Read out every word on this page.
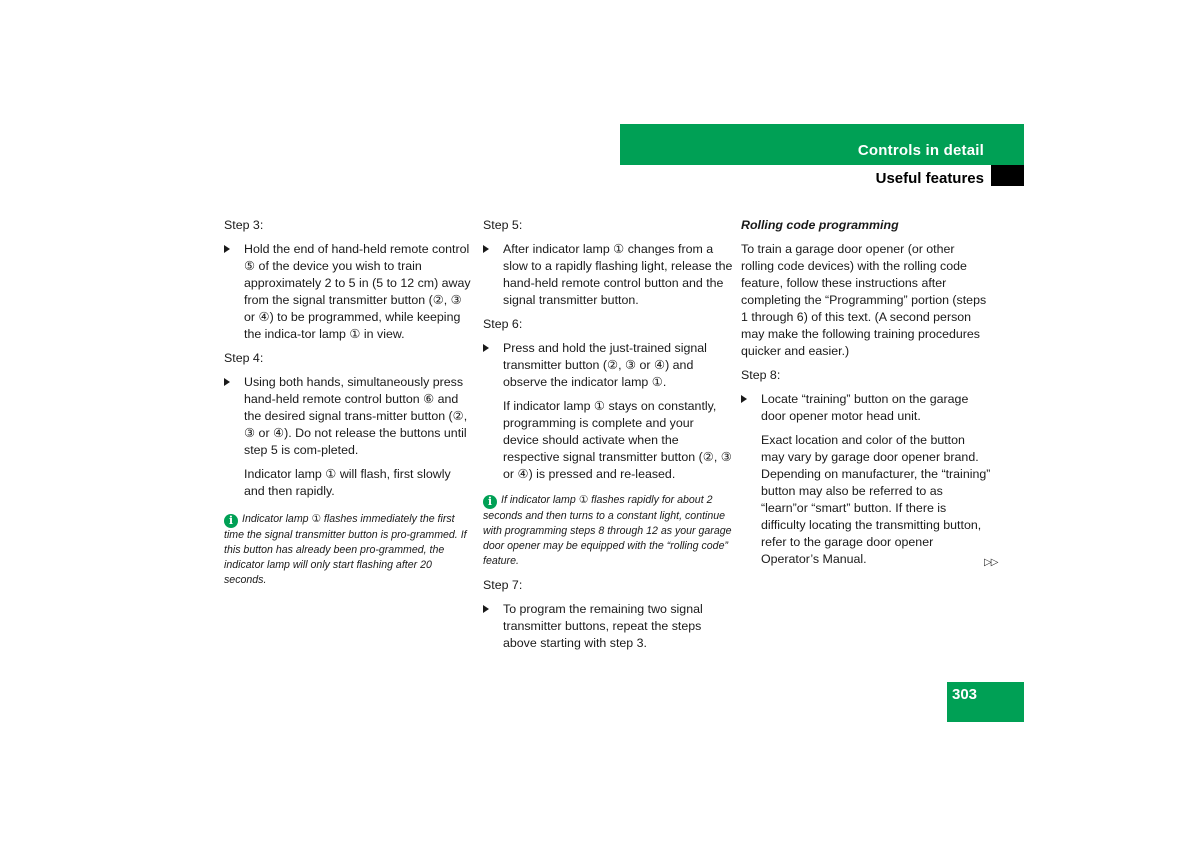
Controls in detail
Useful features

Step 3:

Hold the end of hand-held remote control ⑤ of the device you wish to train approximately 2 to 5 in (5 to 12 cm) away from the signal transmitter button (②, ③ or ④) to be programmed, while keeping the indica-tor lamp ① in view.

Step 4:

Using both hands, simultaneously press hand-held remote control button ⑥ and the desired signal trans-mitter button (②, ③ or ④). Do not release the buttons until step 5 is com-pleted.

Indicator lamp ① will flash, first slowly and then rapidly.

i Indicator lamp ① flashes immediately the first time the signal transmitter button is pro-grammed. If this button has already been pro-grammed, the indicator lamp will only start flashing after 20 seconds.

Step 5:

After indicator lamp ① changes from a slow to a rapidly flashing light, release the hand-held remote control button and the signal transmitter button.

Step 6:

Press and hold the just-trained signal transmitter button (②, ③ or ④) and observe the indicator lamp ①.

If indicator lamp ① stays on constantly, programming is complete and your device should activate when the respective signal transmitter button (②, ③ or ④) is pressed and re-leased.

i If indicator lamp ① flashes rapidly for about 2 seconds and then turns to a constant light, continue with programming steps 8 through 12 as your garage door opener may be equipped with the “rolling code” feature.

Step 7:

To program the remaining two signal transmitter buttons, repeat the steps above starting with step 3.

Rolling code programming

To train a garage door opener (or other rolling code devices) with the rolling code feature, follow these instructions after completing the “Programming” portion (steps 1 through 6) of this text. (A second person may make the following training procedures quicker and easier.)

Step 8:

Locate “training” button on the garage door opener motor head unit.

Exact location and color of the button may vary by garage door opener brand. Depending on manufacturer, the “training” button may also be referred to as “learn”or “smart” button. If there is difficulty locating the transmitting button, refer to the garage door opener Operator’s Manual.	▷▷
303
